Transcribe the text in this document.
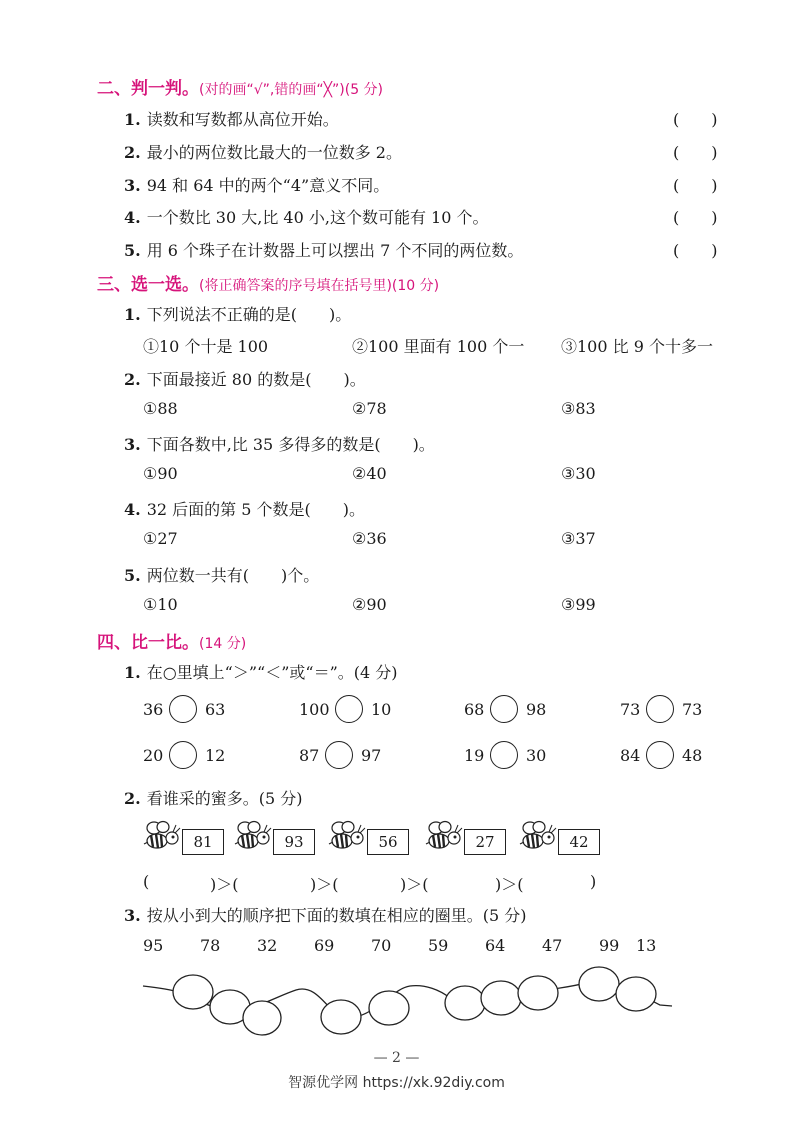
二、判一判。(对的画“√”,错的画“╳”)(5 分)
1. 读数和写数都从高位开始。	(　　)
2. 最小的两位数比最大的一位数多 2。	(　　)
3. 94 和 64 中的两个“4”意义不同。	(　　)
4. 一个数比 30 大,比 40 小,这个数可能有 10 个。	(　　)
5. 用 6 个珠子在计数器上可以摆出 7 个不同的两位数。	(　　)
三、选一选。(将正确答案的序号填在括号里)(10 分)
1. 下列说法不正确的是(　　)。
①10 个十是 100	②100 里面有 100 个一 ③100 比 9 个十多一
2. 下面最接近 80 的数是(　　)。
①88	②78	③83
3. 下面各数中,比 35 多得多的数是(　　)。
①90	②40	③30
4. 32 后面的第 5 个数是(　　)。
①27	②36	③37
5. 两位数一共有(　　)个。
①10	②90	③99
四、比一比。(14 分)
1. 在○里填上“＞”“＜”或“＝”。(4 分)
36	63	100	10	68	98	73	73
20	12	87	97	19	30	84	48
2. 看谁采的蜜多。(5 分)
81	93	56	27	42
(	)＞(	)＞(	)＞(	)＞(	)
3. 按从小到大的顺序把下面的数填在相应的圈里。(5 分)
95 78 32 69 70 59 64 47 99 13
— 2 —
智源优学网 https://xk.92diy.com
